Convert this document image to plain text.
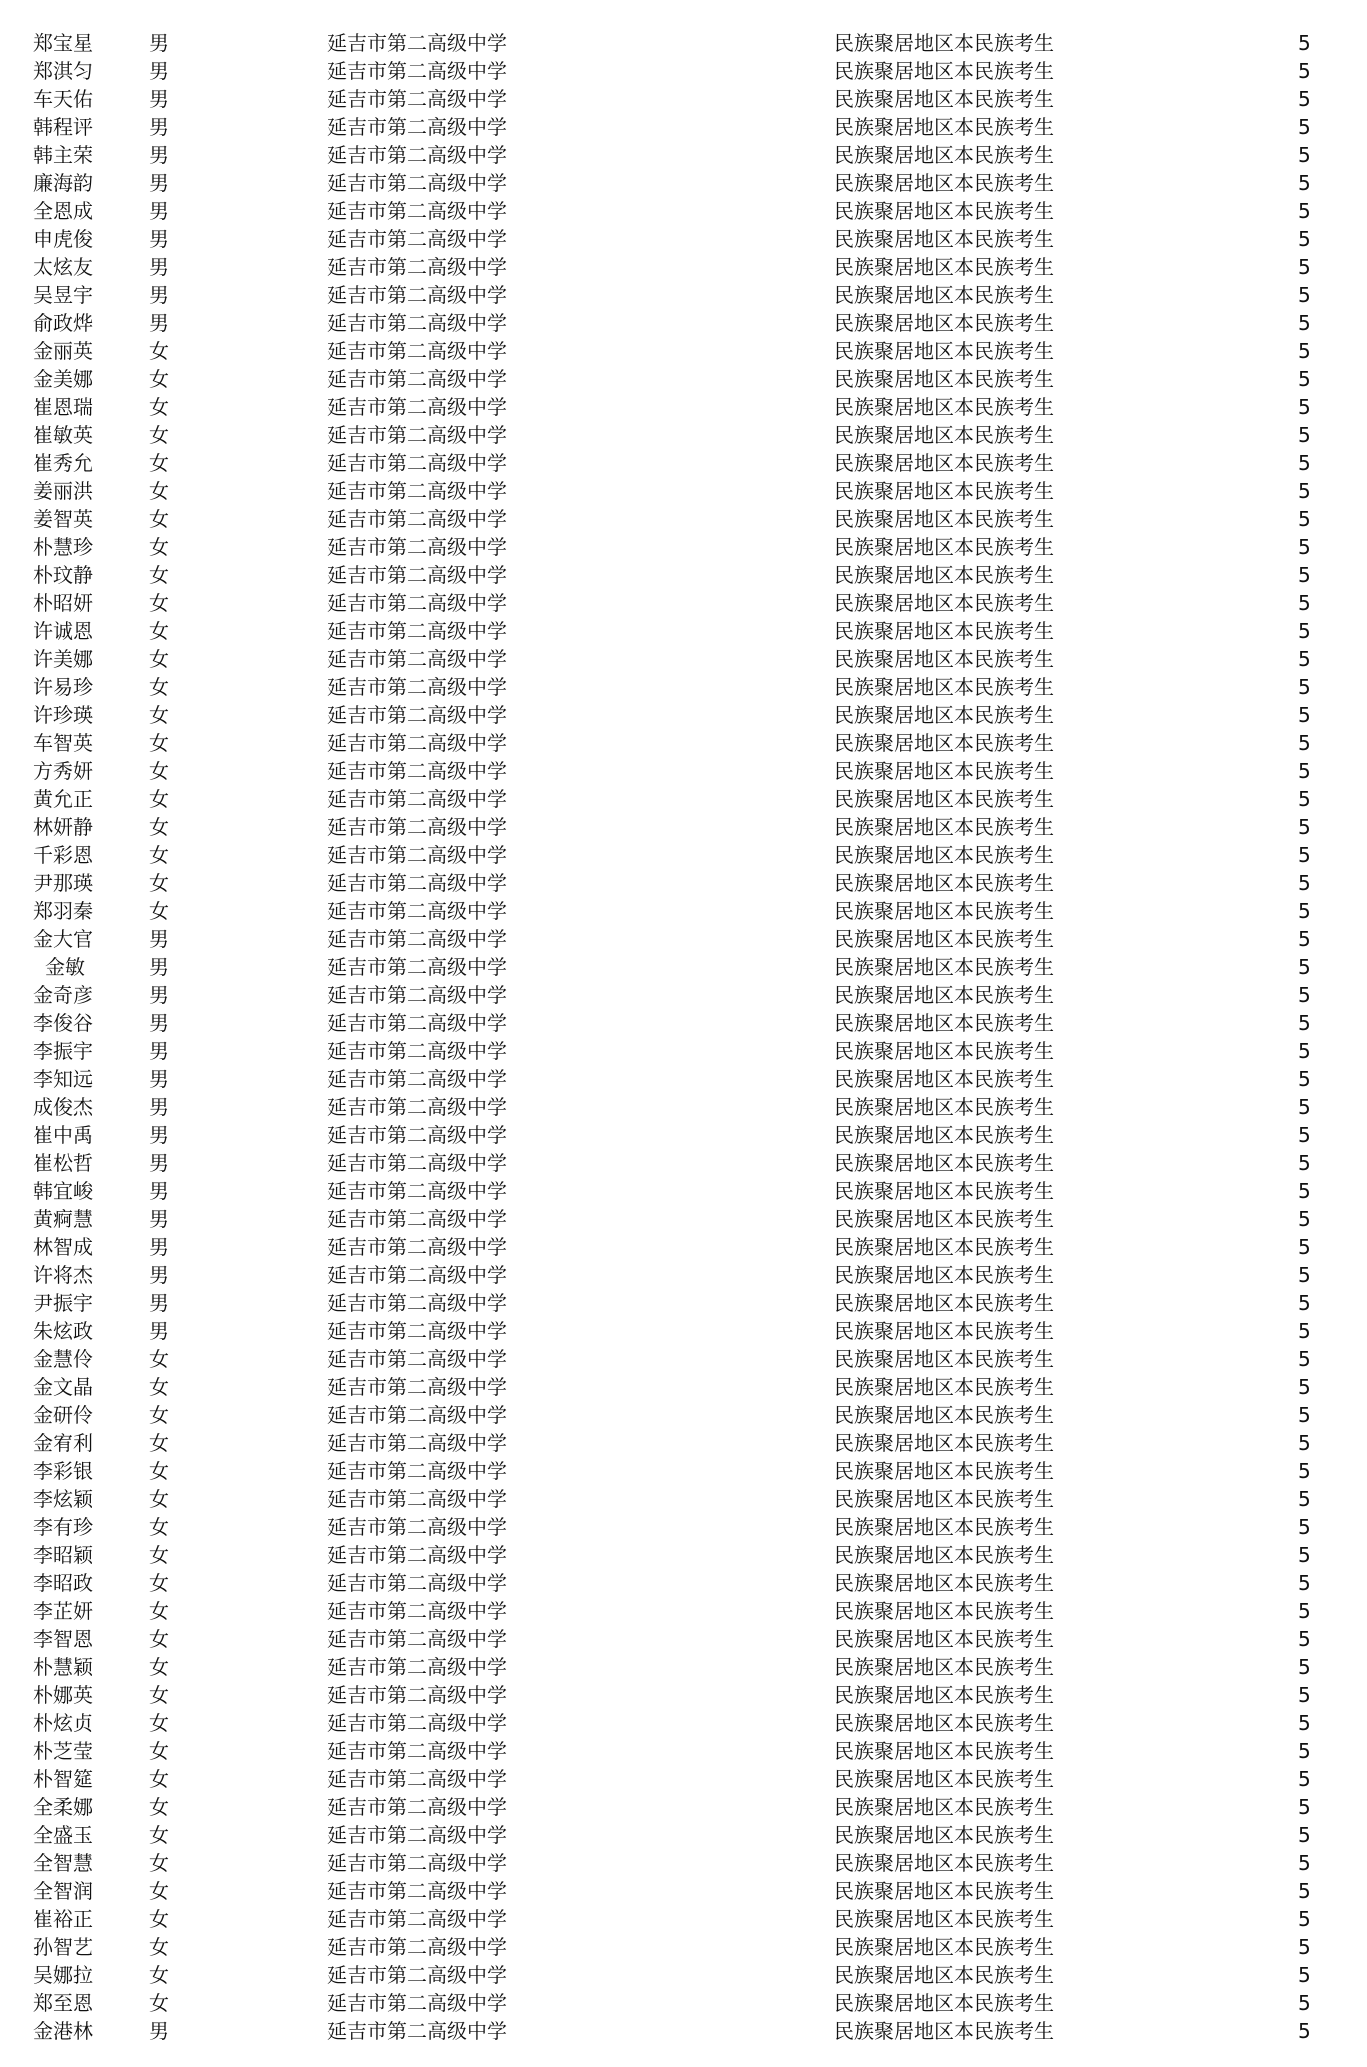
郑宝星	男	延吉市第二高级中学	民族聚居地区本民族考生	5
郑淇匀	男	延吉市第二高级中学	民族聚居地区本民族考生	5
车天佑	男	延吉市第二高级中学	民族聚居地区本民族考生	5
韩程评	男	延吉市第二高级中学	民族聚居地区本民族考生	5
韩主荣	男	延吉市第二高级中学	民族聚居地区本民族考生	5
廉海韵	男	延吉市第二高级中学	民族聚居地区本民族考生	5
全恩成	男	延吉市第二高级中学	民族聚居地区本民族考生	5
申虎俊	男	延吉市第二高级中学	民族聚居地区本民族考生	5
太炫友	男	延吉市第二高级中学	民族聚居地区本民族考生	5
吴昱宇	男	延吉市第二高级中学	民族聚居地区本民族考生	5
俞政烨	男	延吉市第二高级中学	民族聚居地区本民族考生	5
金丽英	女	延吉市第二高级中学	民族聚居地区本民族考生	5
金美娜	女	延吉市第二高级中学	民族聚居地区本民族考生	5
崔恩瑞	女	延吉市第二高级中学	民族聚居地区本民族考生	5
崔敏英	女	延吉市第二高级中学	民族聚居地区本民族考生	5
崔秀允	女	延吉市第二高级中学	民族聚居地区本民族考生	5
姜丽洪	女	延吉市第二高级中学	民族聚居地区本民族考生	5
姜智英	女	延吉市第二高级中学	民族聚居地区本民族考生	5
朴慧珍	女	延吉市第二高级中学	民族聚居地区本民族考生	5
朴玟静	女	延吉市第二高级中学	民族聚居地区本民族考生	5
朴昭妍	女	延吉市第二高级中学	民族聚居地区本民族考生	5
许诚恩	女	延吉市第二高级中学	民族聚居地区本民族考生	5
许美娜	女	延吉市第二高级中学	民族聚居地区本民族考生	5
许易珍	女	延吉市第二高级中学	民族聚居地区本民族考生	5
许珍瑛	女	延吉市第二高级中学	民族聚居地区本民族考生	5
车智英	女	延吉市第二高级中学	民族聚居地区本民族考生	5
方秀妍	女	延吉市第二高级中学	民族聚居地区本民族考生	5
黄允正	女	延吉市第二高级中学	民族聚居地区本民族考生	5
林妍静	女	延吉市第二高级中学	民族聚居地区本民族考生	5
千彩恩	女	延吉市第二高级中学	民族聚居地区本民族考生	5
尹那瑛	女	延吉市第二高级中学	民族聚居地区本民族考生	5
郑羽秦	女	延吉市第二高级中学	民族聚居地区本民族考生	5
金大官	男	延吉市第二高级中学	民族聚居地区本民族考生	5
金敏	男	延吉市第二高级中学	民族聚居地区本民族考生	5
金奇彦	男	延吉市第二高级中学	民族聚居地区本民族考生	5
李俊谷	男	延吉市第二高级中学	民族聚居地区本民族考生	5
李振宇	男	延吉市第二高级中学	民族聚居地区本民族考生	5
李知远	男	延吉市第二高级中学	民族聚居地区本民族考生	5
成俊杰	男	延吉市第二高级中学	民族聚居地区本民族考生	5
崔中禹	男	延吉市第二高级中学	民族聚居地区本民族考生	5
崔松哲	男	延吉市第二高级中学	民族聚居地区本民族考生	5
韩宜峻	男	延吉市第二高级中学	民族聚居地区本民族考生	5
黄痾慧	男	延吉市第二高级中学	民族聚居地区本民族考生	5
林智成	男	延吉市第二高级中学	民族聚居地区本民族考生	5
许将杰	男	延吉市第二高级中学	民族聚居地区本民族考生	5
尹振宇	男	延吉市第二高级中学	民族聚居地区本民族考生	5
朱炫政	男	延吉市第二高级中学	民族聚居地区本民族考生	5
金慧伶	女	延吉市第二高级中学	民族聚居地区本民族考生	5
金文晶	女	延吉市第二高级中学	民族聚居地区本民族考生	5
金研伶	女	延吉市第二高级中学	民族聚居地区本民族考生	5
金宥利	女	延吉市第二高级中学	民族聚居地区本民族考生	5
李彩银	女	延吉市第二高级中学	民族聚居地区本民族考生	5
李炫颖	女	延吉市第二高级中学	民族聚居地区本民族考生	5
李有珍	女	延吉市第二高级中学	民族聚居地区本民族考生	5
李昭颖	女	延吉市第二高级中学	民族聚居地区本民族考生	5
李昭政	女	延吉市第二高级中学	民族聚居地区本民族考生	5
李芷妍	女	延吉市第二高级中学	民族聚居地区本民族考生	5
李智恩	女	延吉市第二高级中学	民族聚居地区本民族考生	5
朴慧颖	女	延吉市第二高级中学	民族聚居地区本民族考生	5
朴娜英	女	延吉市第二高级中学	民族聚居地区本民族考生	5
朴炫贞	女	延吉市第二高级中学	民族聚居地区本民族考生	5
朴芝莹	女	延吉市第二高级中学	民族聚居地区本民族考生	5
朴智筵	女	延吉市第二高级中学	民族聚居地区本民族考生	5
全柔娜	女	延吉市第二高级中学	民族聚居地区本民族考生	5
全盛玉	女	延吉市第二高级中学	民族聚居地区本民族考生	5
全智慧	女	延吉市第二高级中学	民族聚居地区本民族考生	5
全智润	女	延吉市第二高级中学	民族聚居地区本民族考生	5
崔裕正	女	延吉市第二高级中学	民族聚居地区本民族考生	5
孙智艺	女	延吉市第二高级中学	民族聚居地区本民族考生	5
吴娜拉	女	延吉市第二高级中学	民族聚居地区本民族考生	5
郑至恩	女	延吉市第二高级中学	民族聚居地区本民族考生	5
金港林	男	延吉市第二高级中学	民族聚居地区本民族考生	5
